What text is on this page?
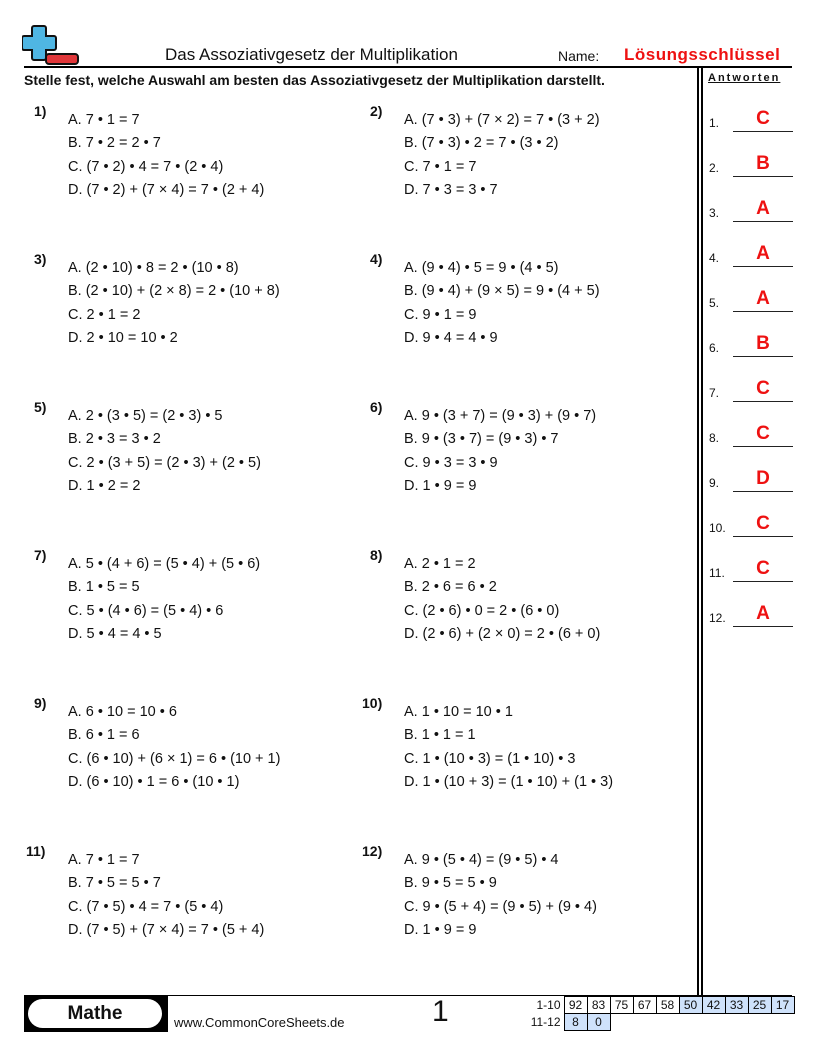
Das Assoziativgesetz der Multiplikation	Name: Lösungsschlüssel
Stelle fest, welche Auswahl am besten das Assoziativgesetz der Multiplikation darstellt.
1)
A. 7 • 1 = 7
B. 7 • 2 = 2 • 7
C. (7 • 2) • 4 = 7 • (2 • 4)
D. (7 • 2) + (7 × 4) = 7 • (2 + 4)
2)
A. (7 • 3) + (7 × 2) = 7 • (3 + 2)
B. (7 • 3) • 2 = 7 • (3 • 2)
C. 7 • 1 = 7
D. 7 • 3 = 3 • 7
3)
A. (2 • 10) • 8 = 2 • (10 • 8)
B. (2 • 10) + (2 × 8) = 2 • (10 + 8)
C. 2 • 1 = 2
D. 2 • 10 = 10 • 2
4)
A. (9 • 4) • 5 = 9 • (4 • 5)
B. (9 • 4) + (9 × 5) = 9 • (4 + 5)
C. 9 • 1 = 9
D. 9 • 4 = 4 • 9
5)
A. 2 • (3 • 5) = (2 • 3) • 5
B. 2 • 3 = 3 • 2
C. 2 • (3 + 5) = (2 • 3) + (2 • 5)
D. 1 • 2 = 2
6)
A. 9 • (3 + 7) = (9 • 3) + (9 • 7)
B. 9 • (3 • 7) = (9 • 3) • 7
C. 9 • 3 = 3 • 9
D. 1 • 9 = 9
7)
A. 5 • (4 + 6) = (5 • 4) + (5 • 6)
B. 1 • 5 = 5
C. 5 • (4 • 6) = (5 • 4) • 6
D. 5 • 4 = 4 • 5
8)
A. 2 • 1 = 2
B. 2 • 6 = 6 • 2
C. (2 • 6) • 0 = 2 • (6 • 0)
D. (2 • 6) + (2 × 0) = 2 • (6 + 0)
9)
A. 6 • 10 = 10 • 6
B. 6 • 1 = 6
C. (6 • 10) + (6 × 1) = 6 • (10 + 1)
D. (6 • 10) • 1 = 6 • (10 • 1)
10)
A. 1 • 10 = 10 • 1
B. 1 • 1 = 1
C. 1 • (10 • 3) = (1 • 10) • 3
D. 1 • (10 + 3) = (1 • 10) + (1 • 3)
11)
A. 7 • 1 = 7
B. 7 • 5 = 5 • 7
C. (7 • 5) • 4 = 7 • (5 • 4)
D. (7 • 5) + (7 × 4) = 7 • (5 + 4)
12)
A. 9 • (5 • 4) = (9 • 5) • 4
B. 9 • 5 = 5 • 9
C. 9 • (5 + 4) = (9 • 5) + (9 • 4)
D. 1 • 9 = 9
Antworten
1.	C
2.	B
3.	A
4.	A
5.	A
6.	B
7.	C
8.	C
9.	D
10.	C
11.	C
12.	A
Mathe	www.CommonCoreSheets.de	1	1-10	92	83	75	67	58	50	42	33	25	17
11-12	8	0								
